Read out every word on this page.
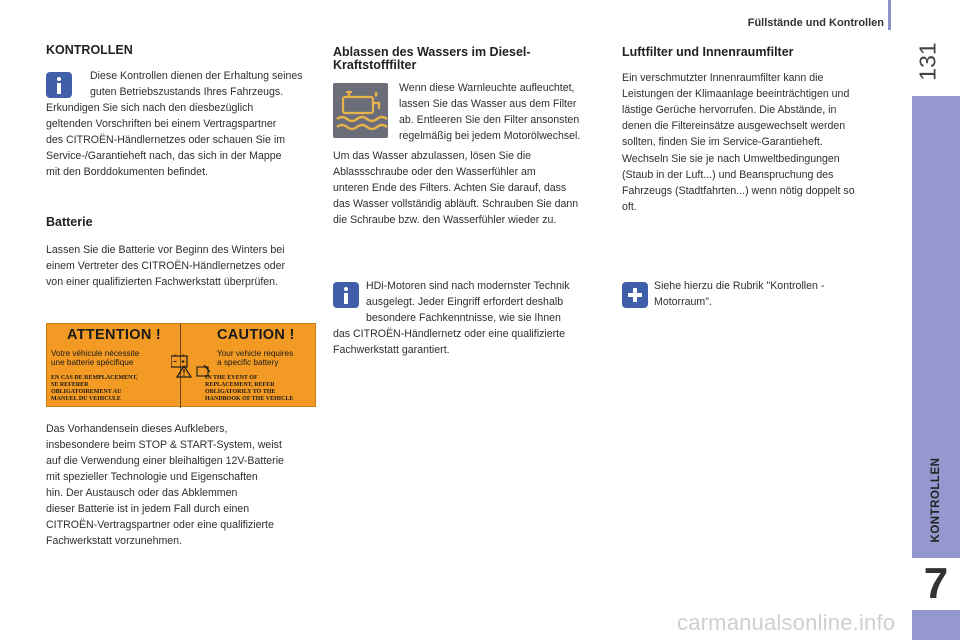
Füllstände und Kontrollen
131
KONTROLLEN
7
KONTROLLEN
Diese Kontrollen dienen der Erhaltung seines
guten Betriebszustands Ihres Fahrzeugs.
Erkundigen Sie sich nach den diesbezüglich
geltenden Vorschriften bei einem Vertragspartner
des CITROËN-Händlernetzes oder schauen Sie im
Service-/Garantieheft nach, das sich in der Mappe
mit den Borddokumenten befindet.
Batterie
Lassen Sie die Batterie vor Beginn des Winters bei
einem Vertreter des CITROËN-Händlernetzes oder
von einer qualifizierten Fachwerkstatt überprüfen.
ATTENTION !	CAUTION !
Votre véhicule nécessite
une batterie spécifique
Your vehicle requires
a specific battery
EN CAS DE REMPLACEMENT,
SE REFERER
OBLIGATOIREMENT AU
MANUEL DU VEHICULE
IN THE EVENT OF
REPLACEMENT, REFER
OBLIGATORILY TO THE
HANDBOOK OF THE VEHICLE
Das Vorhandensein dieses Aufklebers,
insbesondere beim STOP & START-System, weist
auf die Verwendung einer bleihaltigen 12V-Batterie
mit spezieller Technologie und Eigenschaften
hin. Der Austausch oder das Abklemmen
dieser Batterie ist in jedem Fall durch einen
CITROËN-Vertragspartner oder eine qualifizierte
Fachwerkstatt vorzunehmen.
Ablassen des Wassers im Diesel-
Kraftstofffilter
Wenn diese Warnleuchte aufleuchtet,
lassen Sie das Wasser aus dem Filter
ab. Entleeren Sie den Filter ansonsten
regelmäßig bei jedem Motorölwechsel.
Um das Wasser abzulassen, lösen Sie die
Ablassschraube oder den Wasserfühler am
unteren Ende des Filters. Achten Sie darauf, dass
das Wasser vollständig abläuft. Schrauben Sie dann
die Schraube bzw. den Wasserfühler wieder zu.
HDi-Motoren sind nach modernster Technik
ausgelegt. Jeder Eingriff erfordert deshalb
besondere Fachkenntnisse, wie sie Ihnen
das CITROËN-Händlernetz oder eine qualifizierte
Fachwerkstatt garantiert.
Luftfilter und Innenraumfilter
Ein verschmutzter Innenraumfilter kann die
Leistungen der Klimaanlage beeinträchtigen und
lästige Gerüche hervorrufen. Die Abstände, in
denen die Filtereinsätze ausgewechselt werden
sollten, finden Sie im Service-Garantieheft.
Wechseln Sie sie je nach Umweltbedingungen
(Staub in der Luft...) und Beanspruchung des
Fahrzeugs (Stadtfahrten...) wenn nötig doppelt so
oft.
Siehe hierzu die Rubrik "Kontrollen -
Motorraum".
carmanualsonline.info
